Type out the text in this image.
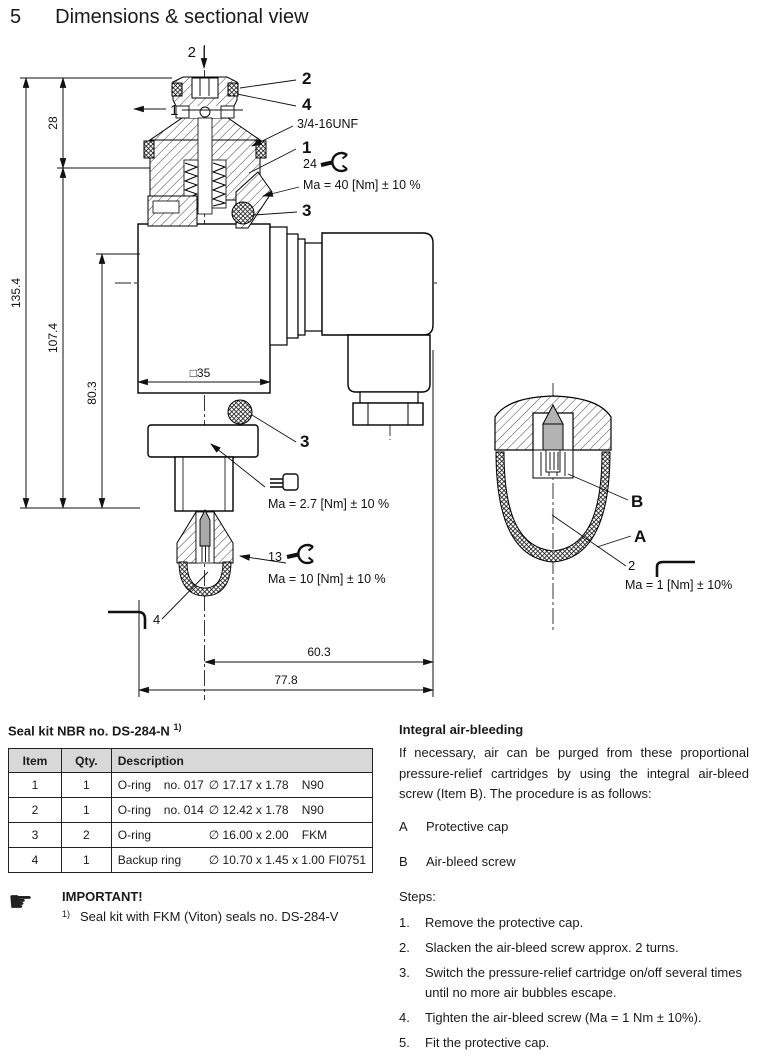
5 Dimensions & sectional view
135.4
28
107.4
80.3
□35
60.3
77.8
2
1
2
4
3/4-16UNF
1
24
Ma = 40 [Nm] ± 10 %
3
3
Ma = 2.7 [Nm] ± 10 %
13
Ma = 10 [Nm] ± 10 %
4
B
A
2
Ma = 1 [Nm] ± 10%
Seal kit NBR no. DS-284-N $^{1)}$
Item	Qty.	Description
1	1	O-ring no. 017 ∅ 17.17 x 1.78 N90

2	1	O-ring no. 014 ∅ 12.42 x 1.78 N90

3	2	O-ring ∅ 16.00 x 2.00 FKM

4	1	Backup ring ∅ 10.70 x 1.45 x 1.00 FI0751
☛	IMPORTANT!
1) Seal kit with FKM (Viton) seals no. DS-284-V
Integral air-bleeding

If necessary, air can be purged from these proportional pressure-relief cartridges by using the integral air-bleed screw (Item B). The procedure is as follows:

A	Protective cap
B	Air-bleed screw
Steps:
1.	Remove the protective cap.
2.	Slacken the air-bleed screw approx. 2 turns.
3.	Switch the pressure-relief cartridge on/off several times until no more air bubbles escape.
4.	Tighten the air-bleed screw (Ma = 1 Nm ± 10%).
5.	Fit the protective cap.
